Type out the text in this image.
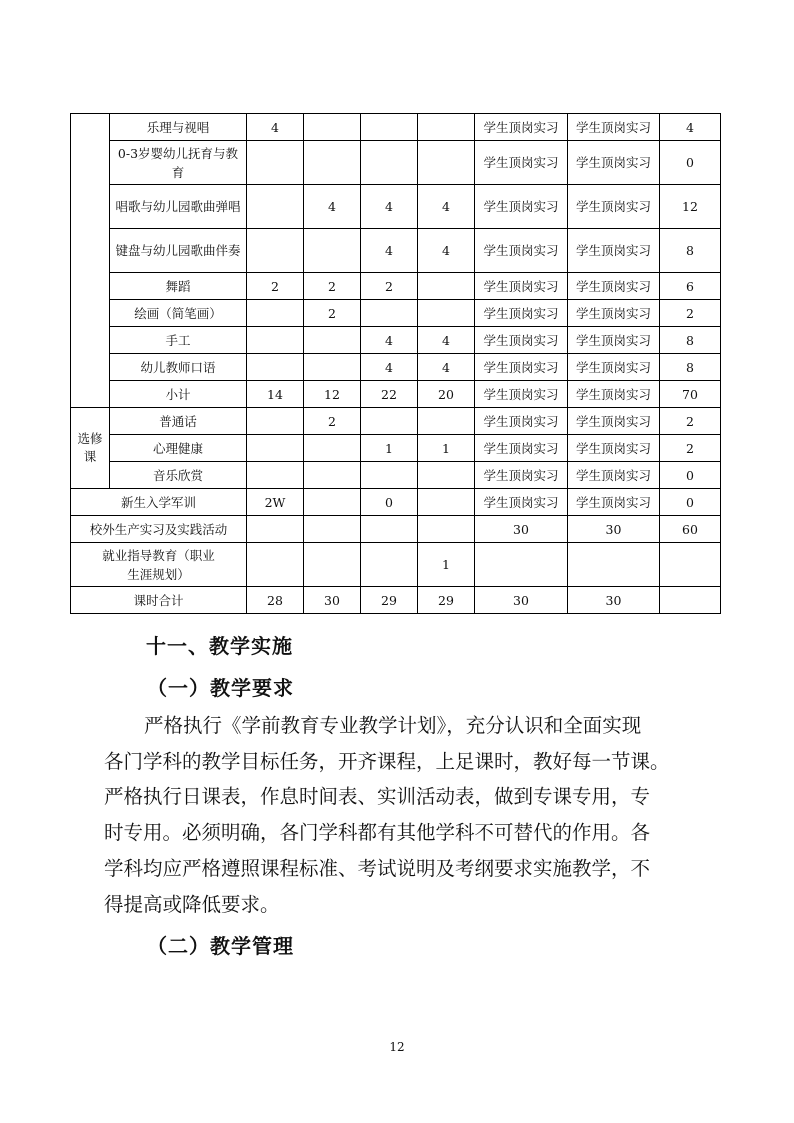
	乐理与视唱	4				学生顶岗实习	学生顶岗实习	4
	0-3岁婴幼儿抚育与教育					学生顶岗实习	学生顶岗实习	0
	唱歌与幼儿园歌曲弹唱		4	4	4	学生顶岗实习	学生顶岗实习	12
	键盘与幼儿园歌曲伴奏			4	4	学生顶岗实习	学生顶岗实习	8
	舞蹈	2	2	2		学生顶岗实习	学生顶岗实习	6
	绘画（简笔画）		2			学生顶岗实习	学生顶岗实习	2
	手工			4	4	学生顶岗实习	学生顶岗实习	8
	幼儿教师口语			4	4	学生顶岗实习	学生顶岗实习	8
	小计	14	12	22	20	学生顶岗实习	学生顶岗实习	70
选修课	普通话		2			学生顶岗实习	学生顶岗实习	2
	心理健康			1	1	学生顶岗实习	学生顶岗实习	2
	音乐欣赏					学生顶岗实习	学生顶岗实习	0
新生入学军训		2W		0		学生顶岗实习	学生顶岗实习	0
校外生产实习及实践活动						30	30	60
就业指导教育（职业生涯规划）					1			
课时合计		28	30	29	29	30	30	
十一、教学实施
（一）教学要求
严格执行《学前教育专业教学计划》，充分认识和全面实现
各门学科的教学目标任务，开齐课程，上足课时，教好每一节课。
严格执行日课表，作息时间表、实训活动表，做到专课专用，专
时专用。必须明确，各门学科都有其他学科不可替代的作用。各
学科均应严格遵照课程标准、考试说明及考纲要求实施教学，不
得提高或降低要求。
（二）教学管理
12
